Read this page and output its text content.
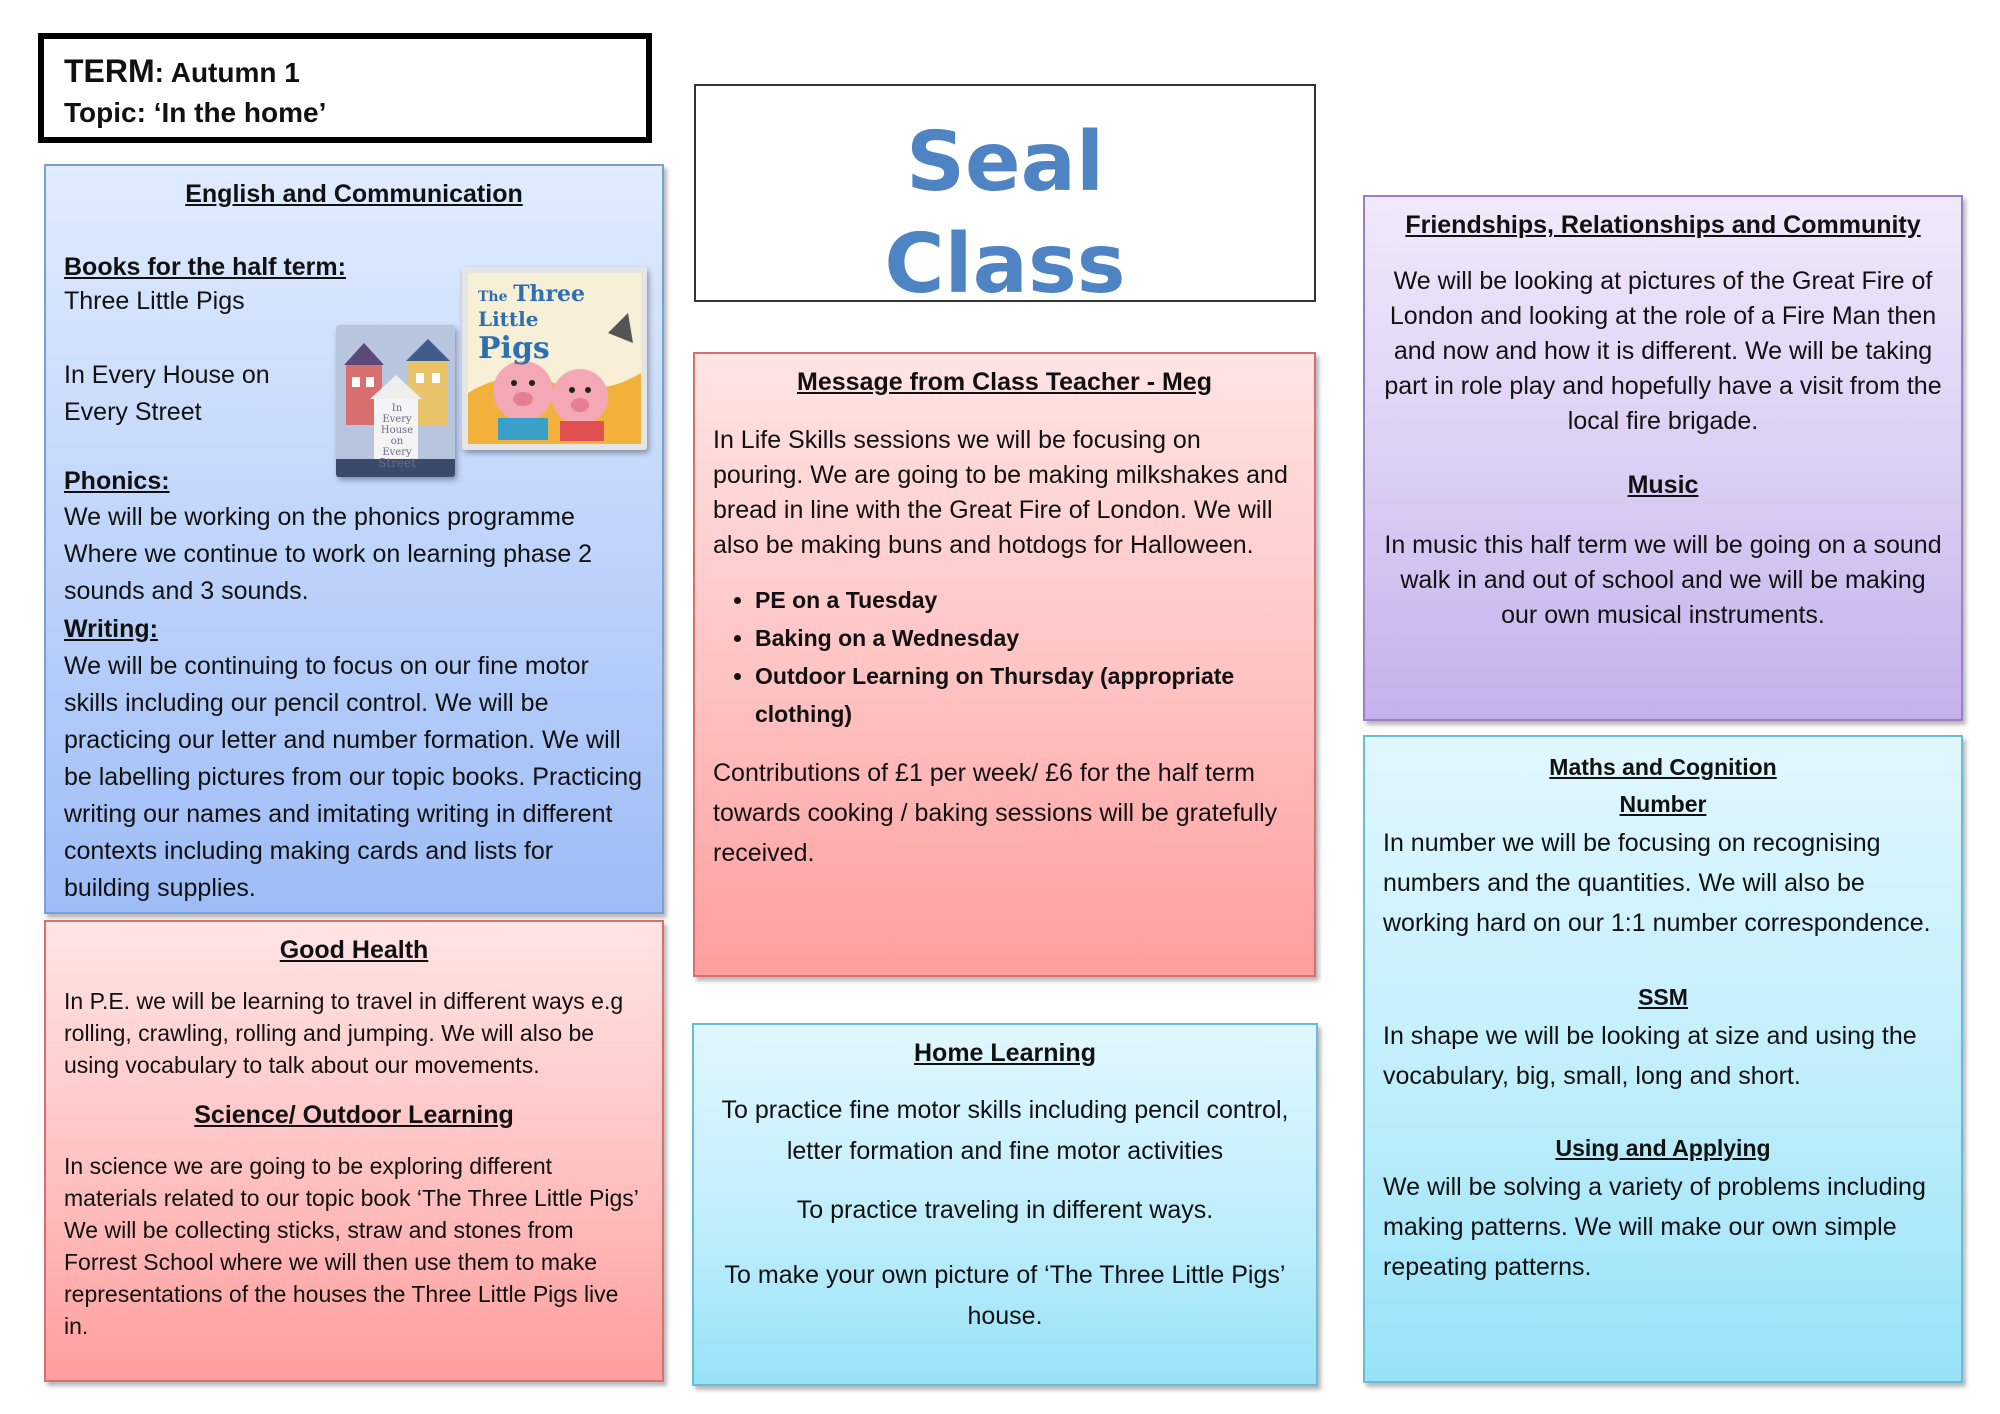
TERM: Autumn 1
Topic: ‘In the home’
Seal
Class

English and Communication

Books for the half term:

Three Little Pigs

In Every House on

Every Street

Phonics:

We will be working on the phonics programme Where we continue to work on learning phase 2 sounds and 3 sounds.

Writing:

We will be continuing to focus on our fine motor skills including our pencil control. We will be practicing our letter and number formation. We will be labelling pictures from our topic books. Practicing writing our names and imitating writing in different contexts including making cards and lists for building supplies.

In
Every
House
on Every
Street
The Three
Little Pigs

Good Health

In P.E. we will be learning to travel in different ways e.g rolling, crawling, rolling and jumping. We will also be using vocabulary to talk about our movements.

Science/ Outdoor Learning

In science we are going to be exploring different materials related to our topic book ‘The Three Little Pigs’ We will be collecting sticks, straw and stones from Forrest School where we will then use them to make representations of the houses the Three Little Pigs live in.

Message from Class Teacher - Meg

In Life Skills sessions we will be focusing on pouring. We are going to be making milkshakes and bread in line with the Great Fire of London. We will also be making buns and hotdogs for Halloween.

• PE on a Tuesday
• Baking on a Wednesday
• Outdoor Learning on Thursday (appropriate clothing)

Contributions of £1 per week/ £6 for the half term towards cooking / baking sessions will be gratefully received.

Home Learning

To practice fine motor skills including pencil control, letter formation and fine motor activities

To practice traveling in different ways.

To make your own picture of ‘The Three Little Pigs’ house.

Friendships, Relationships and Community

We will be looking at pictures of the Great Fire of London and looking at the role of a Fire Man then and now and how it is different. We will be taking part in role play and hopefully have a visit from the local fire brigade.

Music

In music this half term we will be going on a sound walk in and out of school and we will be making our own musical instruments.

Maths and Cognition

Number

In number we will be focusing on recognising numbers and the quantities. We will also be working hard on our 1:1 number correspondence.

SSM

In shape we will be looking at size and using the vocabulary, big, small, long and short.

Using and Applying

We will be solving a variety of problems including making patterns. We will make our own simple repeating patterns.
